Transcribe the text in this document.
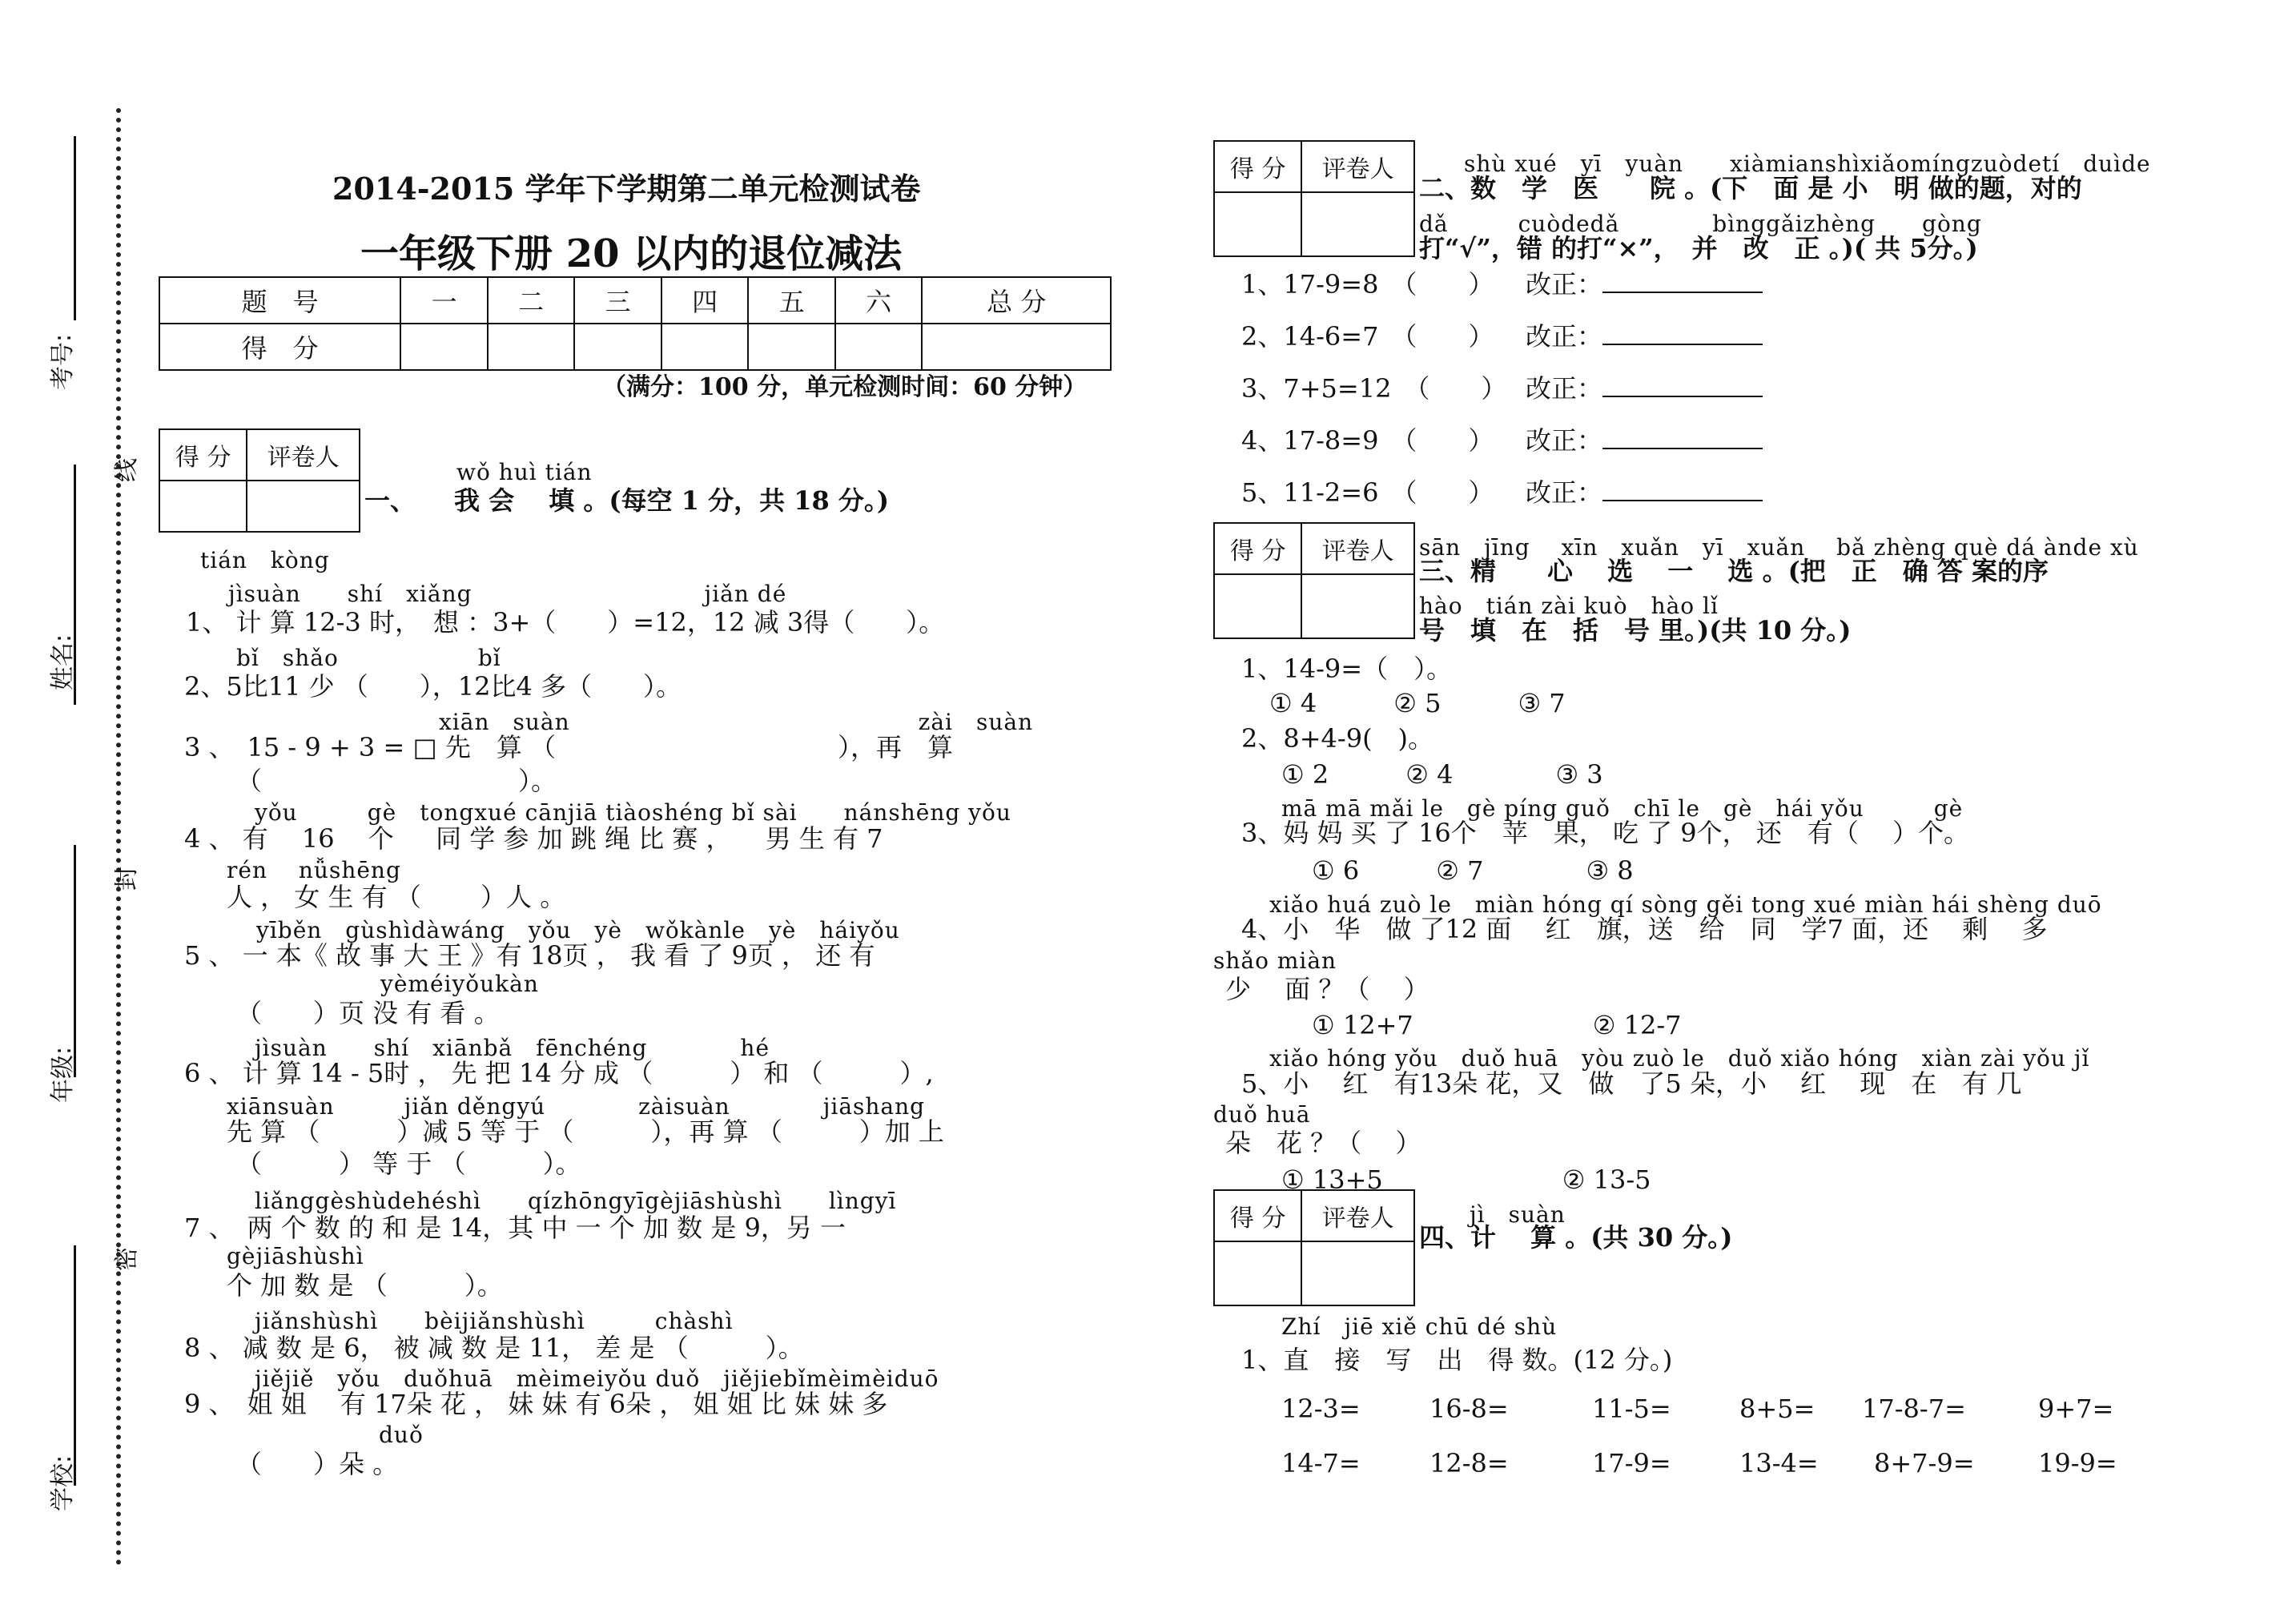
考号:
线
姓名:
封
年级:
密
学校:
2014-2015 学年下学期第二单元检测试卷
一年级下册 20 以内的退位减法
题　号	一	二	三	四	五	六	总 分
得　分							
（满分：100 分，单元检测时间：60 分钟）
得 分	评卷人

wǒ huì tián
一、　　我 会　 填 。(每空 1 分，共 18 分。)
tián　kòng
jìsuàn　　shí　xiǎng　　　　　　　　　　jiǎn dé
1、 计 算 12-3 时，　想 ：3+（　　）=12，12 减 3得（　　）。
bǐ　shǎo　　　　　　bǐ
2、5比11 少 （　　），12比4 多（　　）。
xiān　suàn　　　　　　　　　　　　　　　zài　suàn
3 、　15 - 9 + 3 = □ 先　算 （　　　　　　　　　　　），再　算
（　　　　　　　　　　）。
yǒu　　　gè　tongxué cānjiā tiàoshéng bǐ sài　　nánshēng yǒu
4 、 有 　16 　个 　 同 学 参 加 跳 绳 比 赛 ， 　男 生 有 7
rén　 nǚshēng
人 ， 女 生 有 （ 　　）人 。
yīběn　gùshìdàwáng　yǒu　yè　wǒkànle　yè　háiyǒu
5 、 一 本《 故 事 大 王 》有 18页 ， 我 看 了 9页 ， 还 有
yèméiyǒukàn
（　　）页 没 有 看 。
jìsuàn　　shí　xiānbǎ　fēnchéng　　　　hé
6 、 计 算 14 - 5时 ， 先 把 14 分 成 （　　　） 和 （　　　）,
xiānsuàn　　　jiǎn děngyú　　　　zàisuàn　　　　jiāshang
先 算 （　　　）减 5 等 于 （　　　），再 算 （　　　）加 上
（　　　） 等 于 （　　　）。
liǎnggèshùdehéshì　　qízhōngyīgèjiāshùshì　　lìngyī
7 、　两 个 数 的 和 是 14，其 中 一 个 加 数 是 9，另 一
gèjiāshùshì
个 加 数 是 （　　　）。
jiǎnshùshì　　bèijiǎnshùshì　　　chàshì
8 、 减 数 是 6， 被 减 数 是 11， 差 是 （　　　）。
jiějiě　yǒu　duǒhuā　mèimeiyǒu duǒ　jiějiebǐmèimèiduō
9 、　姐 姐 　有 17朵 花 ， 妹 妹 有 6朵 ， 姐 姐 比 妹 妹 多
duǒ
（　　）朵 。
得 分	评卷人
		shù xué　yī　yuàn　　xiàmianshìxiǎomíngzuòdetí　duìde
二、数　学　医　　院 。(下　面 是 小　明 做的题，对的
dǎ　　　cuòdedǎ　　　　bìnggǎizhèng　　gòng
打“√”，错 的打“×”，　并　改　正 。)( 共 5分。)
1、17-9=8　（　　） 改正：
2、14-6=7　（　　） 改正：
3、7+5=12　（　　） 改正：
4、17-8=9　（　　） 改正：
5、11-2=6　（　　） 改正：
得 分	评卷人
	sān　jīng　 xīn　xuǎn　yī　xuǎn　 bǎ zhèng què dá ànde xù
三、精　　心　 选　 一　 选 。(把　正　确 答 案的序
hào　tián zài kuò　hào lǐ
号　填　在　括　号 里。)(共 10 分。)
1、14-9=（　）。
① 4　　　② 5　　　③ 7
2、8+4-9(　)。
① 2　　　② 4　　　　③ 3
mā mā mǎi le　gè píng guǒ　chī le　gè　hái yǒu　　　gè
3、妈 妈 买 了 16个　苹　果， 吃 了 9个， 还　有（　 ）个。
① 6　　　② 7　　　　③ 8
xiǎo huá zuò le　miàn hóng qí sòng gěi tong xué miàn hái shèng duō
4、小　华　做 了12 面　 红　旗，送　给　同　学7 面，还　 剩　 多
shǎo miàn
少　 面 ？（　 ）
① 12+7　　　　　　　② 12-7
xiǎo hóng yǒu　duǒ huā　yòu zuò le　duǒ xiǎo hóng　xiàn zài yǒu jǐ
5、小　 红　有13朵 花，又　做　了5 朵，小　 红　 现　在　有 几
duǒ huā
朵　花 ？（　 ）
① 13+5　　　　　　　② 13-5
得 分	评卷人
		jì　suàn
四、计　 算 。(共 30 分。)
Zhí　jiē xiě chū dé shù
1、直　接　写　出　得 数。(12 分。)
12-3=	16-8=	11-5=	8+5= 17-8-7=	9+7=
14-7=	12-8=	17-9=	13-4= 8+7-9= 19-9=
